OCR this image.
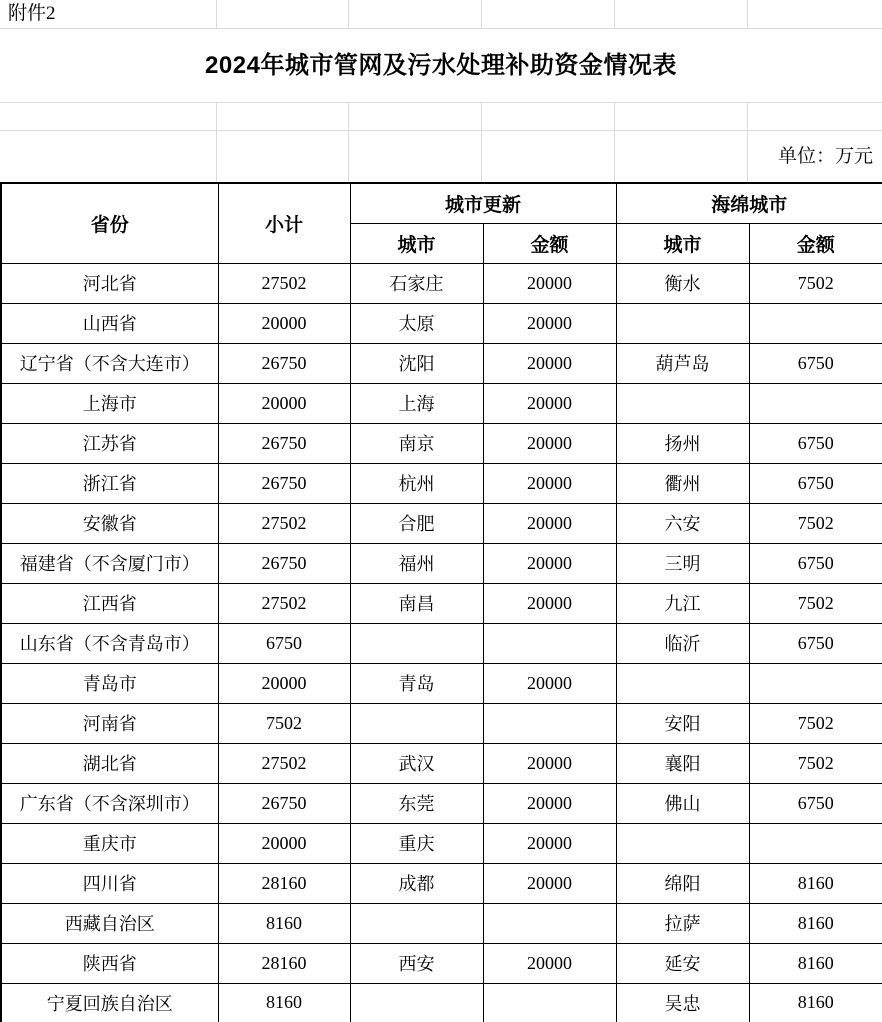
附件2
2024年城市管网及污水处理补助资金情况表
单位：万元
省份	小计	城市更新		海绵城市	
		城市	金额	城市	金额
河北省	27502	石家庄	20000	衡水	7502
山西省	20000	太原	20000		
辽宁省（不含大连市）	26750	沈阳	20000	葫芦岛	6750
上海市	20000	上海	20000		
江苏省	26750	南京	20000	扬州	6750
浙江省	26750	杭州	20000	衢州	6750
安徽省	27502	合肥	20000	六安	7502
福建省（不含厦门市）	26750	福州	20000	三明	6750
江西省	27502	南昌	20000	九江	7502
山东省（不含青岛市）	6750			临沂	6750
青岛市	20000	青岛	20000		
河南省	7502			安阳	7502
湖北省	27502	武汉	20000	襄阳	7502
广东省（不含深圳市）	26750	东莞	20000	佛山	6750
重庆市	20000	重庆	20000		
四川省	28160	成都	20000	绵阳	8160
西藏自治区	8160			拉萨	8160
陕西省	28160	西安	20000	延安	8160
宁夏回族自治区	8160			吴忠	8160
